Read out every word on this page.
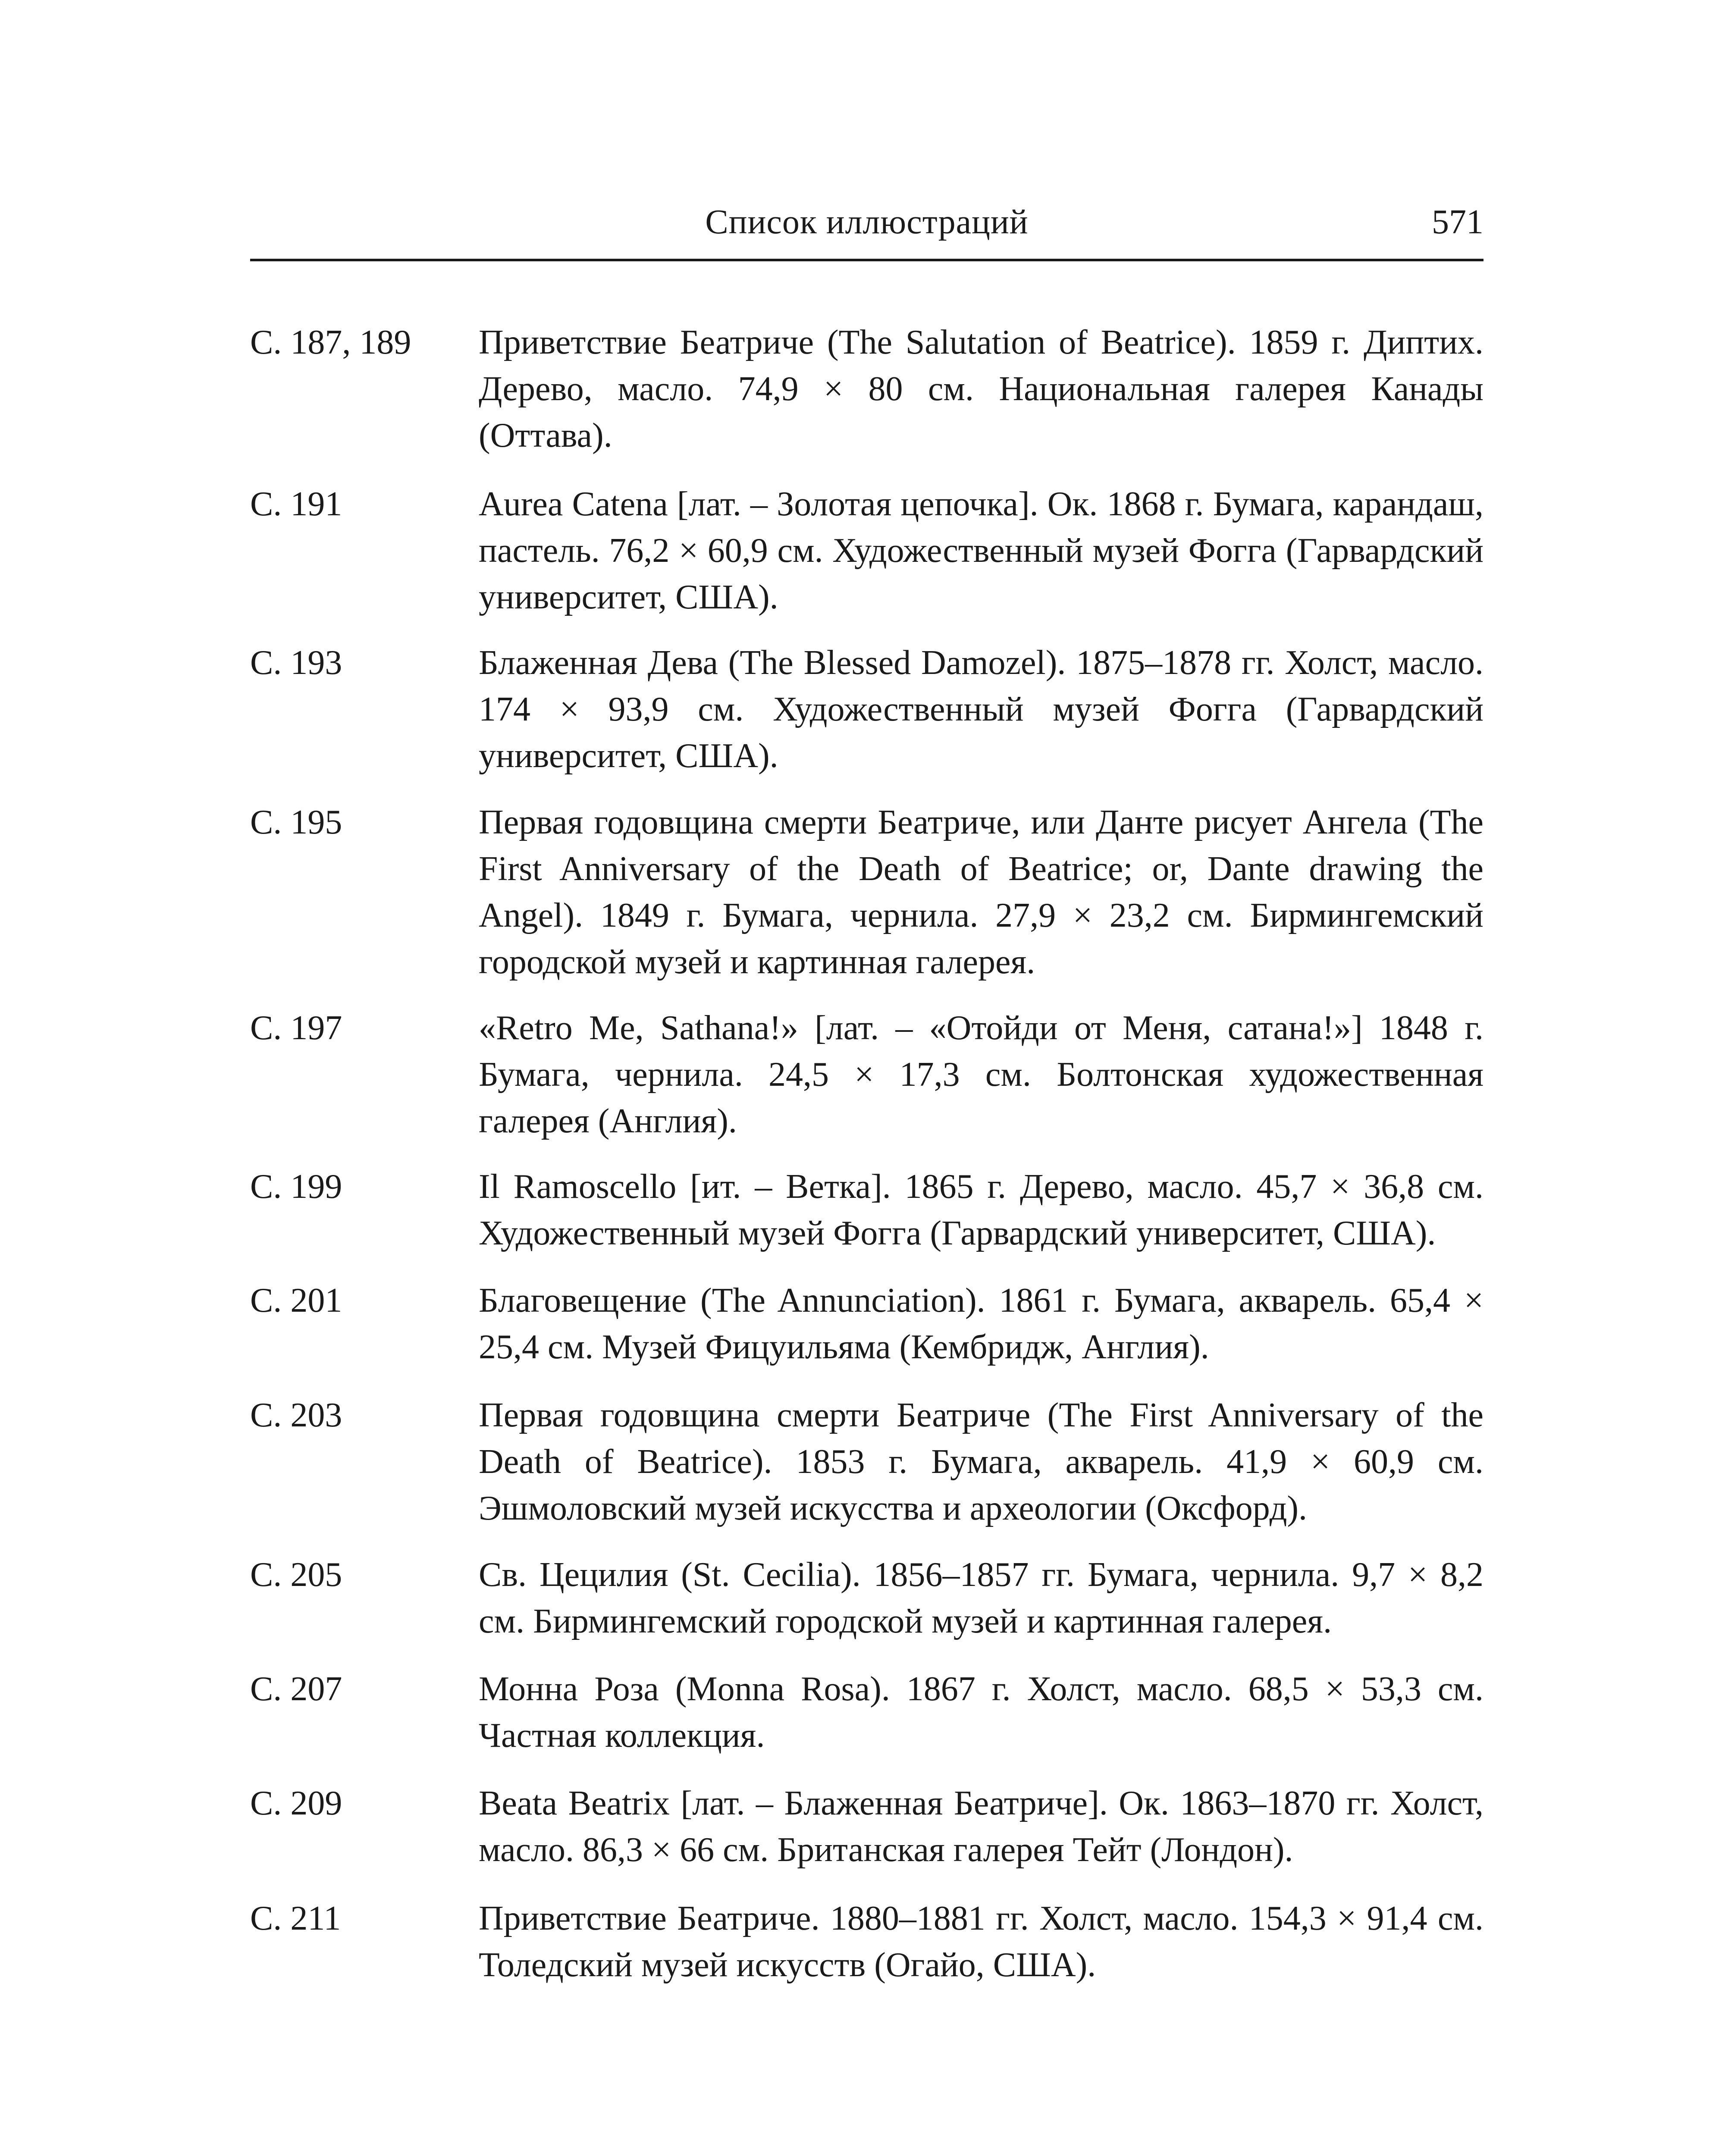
Список иллюстраций	571
С. 187, 189	Приветствие Беатриче (The Salutation of Beatrice). 1859 г. Диптих. Дерево, масло. 74,9 × 80 см. Национальная галерея Канады (Оттава).
С. 191	Aurea Catena [лат. – Золотая цепочка]. Ок. 1868 г. Бумага, карандаш, пастель. 76,2 × 60,9 см. Художественный музей Фогга (Гарвардский университет, США).
С. 193	Блаженная Дева (The Blessed Damozel). 1875–1878 гг. Холст, масло. 174 × 93,9 см. Художественный музей Фогга (Гарвардский университет, США).
С. 195	Первая годовщина смерти Беатриче, или Данте рисует Ангела (The First Anniversary of the Death of Beatrice; or, Dante drawing the Angel). 1849 г. Бумага, чернила. 27,9 × 23,2 см. Бирмингемский городской музей и картинная галерея.
С. 197	«Retro Me, Sathana!» [лат. – «Отойди от Меня, сатана!»] 1848 г. Бумага, чернила. 24,5 × 17,3 см. Болтонская художественная галерея (Англия).
С. 199	Il Ramoscello [ит. – Ветка]. 1865 г. Дерево, масло. 45,7 × 36,8 см. Художественный музей Фогга (Гарвардский университет, США).
С. 201	Благовещение (The Annunciation). 1861 г. Бумага, акварель. 65,4 × 25,4 см. Музей Фицуильяма (Кембридж, Англия).
С. 203	Первая годовщина смерти Беатриче (The First Anniversary of the Death of Beatrice). 1853 г. Бумага, акварель. 41,9 × 60,9 см. Эшмоловский музей искусства и археологии (Оксфорд).
С. 205	Св. Цецилия (St. Cecilia). 1856–1857 гг. Бумага, чернила. 9,7 × 8,2 см. Бирмингемский городской музей и картинная галерея.
С. 207	Монна Роза (Monna Rosa). 1867 г. Холст, масло. 68,5 × 53,3 см. Частная коллекция.
С. 209	Beata Beatrix [лат. – Блаженная Беатриче]. Ок. 1863–1870 гг. Холст, масло. 86,3 × 66 см. Британская галерея Тейт (Лондон).
С. 211	Приветствие Беатриче. 1880–1881 гг. Холст, масло. 154,3 × 91,4 см. Толедский музей искусств (Огайо, США).
